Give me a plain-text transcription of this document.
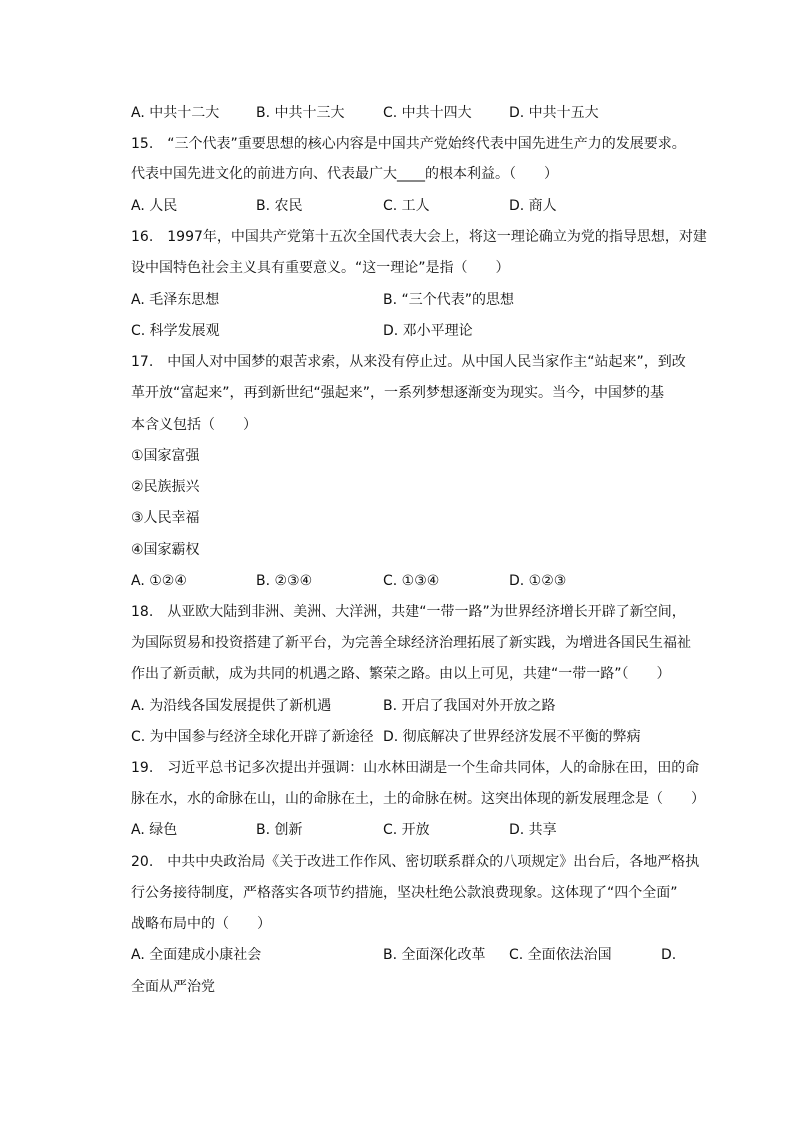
A. 中共十二大	B. 中共十三大	C. 中共十四大	D. 中共十五大
15.　“三个代表”重要思想的核心内容是中国共产党始终代表中国先进生产力的发展要求。
代表中国先进文化的前进方向、代表最广大____的根本利益。（　　）
A. 人民	B. 农民	C. 工人	D. 商人
16.　1997年，中国共产党第十五次全国代表大会上，将这一理论确立为党的指导思想，对建
设中国特色社会主义具有重要意义。“这一理论”是指（　　）
A. 毛泽东思想	B. “三个代表”的思想
C. 科学发展观	D. 邓小平理论
17.　中国人对中国梦的艰苦求索，从来没有停止过。从中国人民当家作主“站起来”，到改
革开放“富起来”，再到新世纪“强起来”，一系列梦想逐渐变为现实。当今，中国梦的基
本含义包括（　　）
①国家富强
②民族振兴
③人民幸福
④国家霸权
A. ①②④	B. ②③④	C. ①③④	D. ①②③
18.　从亚欧大陆到非洲、美洲、大洋洲，共建“一带一路”为世界经济增长开辟了新空间，
为国际贸易和投资搭建了新平台，为完善全球经济治理拓展了新实践，为增进各国民生福祉
作出了新贡献，成为共同的机遇之路、繁荣之路。由以上可见，共建“一带一路”（　　）
A. 为沿线各国发展提供了新机遇	B. 开启了我国对外开放之路
C. 为中国参与经济全球化开辟了新途径 D. 彻底解决了世界经济发展不平衡的弊病
19.　习近平总书记多次提出并强调：山水林田湖是一个生命共同体，人的命脉在田，田的命
脉在水，水的命脉在山，山的命脉在土，土的命脉在树。这突出体现的新发展理念是（　　）
A. 绿色	B. 创新	C. 开放	D. 共享
20.　中共中央政治局《关于改进工作作风、密切联系群众的八项规定》出台后，各地严格执
行公务接待制度，严格落实各项节约措施，坚决杜绝公款浪费现象。这体现了“四个全面”
战略布局中的（　　）
A. 全面建成小康社会	B. 全面深化改革 C. 全面依法治国	D.
全面从严治党
